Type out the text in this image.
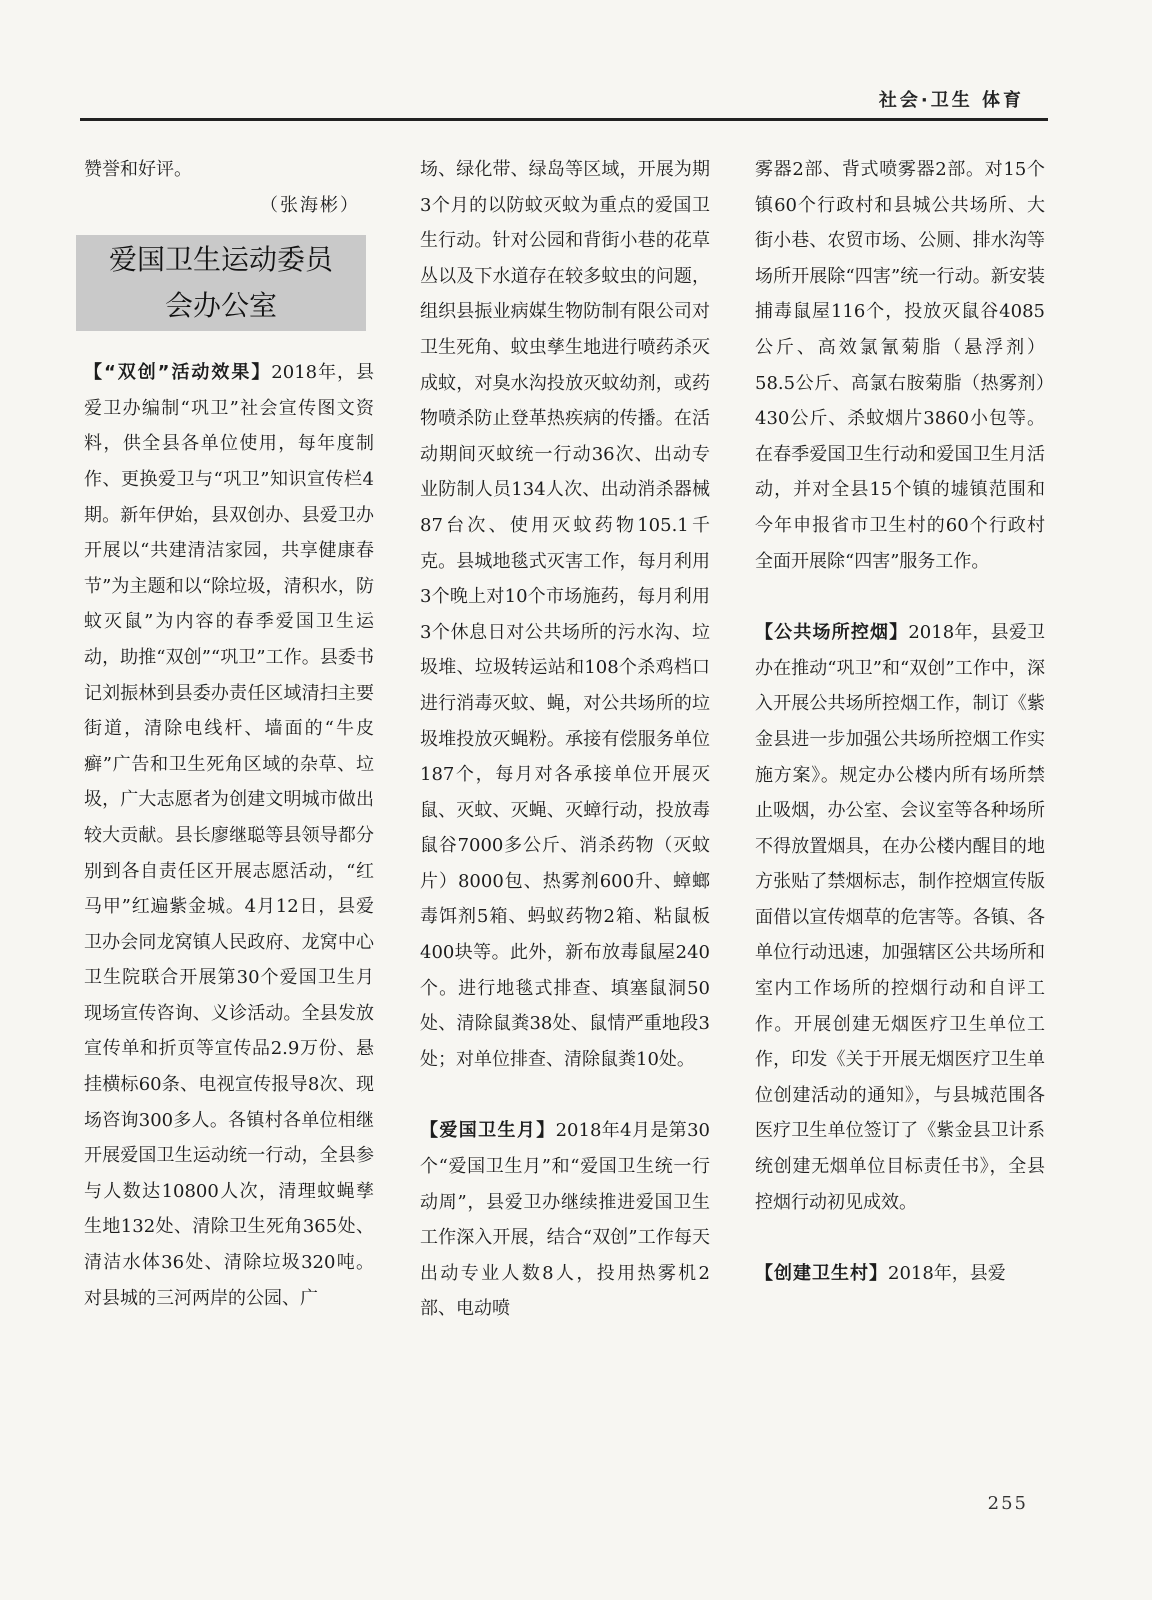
社会·卫生 体育

赞誉和好评。

（张海彬）

爱国卫生运动委员会办公室

【“双创”活动效果】2018年，县爱卫办编制“巩卫”社会宣传图文资料，供全县各单位使用，每年度制作、更换爱卫与“巩卫”知识宣传栏4期。新年伊始，县双创办、县爱卫办开展以“共建清洁家园，共享健康春节”为主题和以“除垃圾，清积水，防蚊灭鼠”为内容的春季爱国卫生运动，助推“双创”“巩卫”工作。县委书记刘振林到县委办责任区域清扫主要街道，清除电线杆、墙面的“牛皮癣”广告和卫生死角区域的杂草、垃圾，广大志愿者为创建文明城市做出较大贡献。县长廖继聪等县领导都分别到各自责任区开展志愿活动，“红马甲”红遍紫金城。4月12日，县爱卫办会同龙窝镇人民政府、龙窝中心卫生院联合开展第30个爱国卫生月现场宣传咨询、义诊活动。全县发放宣传单和折页等宣传品2.9万份、悬挂横标60条、电视宣传报导8次、现场咨询300多人。各镇村各单位相继开展爱国卫生运动统一行动，全县参与人数达10800人次，清理蚊蝇孳生地132处、清除卫生死角365处、清洁水体36处、清除垃圾320吨。对县城的三河两岸的公园、广

场、绿化带、绿岛等区域，开展为期3个月的以防蚊灭蚊为重点的爱国卫生行动。针对公园和背街小巷的花草丛以及下水道存在较多蚊虫的问题，组织县振业病媒生物防制有限公司对卫生死角、蚊虫孳生地进行喷药杀灭成蚊，对臭水沟投放灭蚊幼剂，或药物喷杀防止登革热疾病的传播。在活动期间灭蚊统一行动36次、出动专业防制人员134人次、出动消杀器械87台次、使用灭蚊药物105.1千克。县城地毯式灭害工作，每月利用3个晚上对10个市场施药，每月利用3个休息日对公共场所的污水沟、垃圾堆、垃圾转运站和108个杀鸡档口进行消毒灭蚊、蝇，对公共场所的垃圾堆投放灭蝇粉。承接有偿服务单位187个，每月对各承接单位开展灭鼠、灭蚊、灭蝇、灭蟑行动，投放毒鼠谷7000多公斤、消杀药物（灭蚊片）8000包、热雾剂600升、蟑螂毒饵剂5箱、蚂蚁药物2箱、粘鼠板400块等。此外，新布放毒鼠屋240个。进行地毯式排查、填塞鼠洞50处、清除鼠粪38处、鼠情严重地段3处；对单位排查、清除鼠粪10处。

【爱国卫生月】2018年4月是第30个“爱国卫生月”和“爱国卫生统一行动周”，县爱卫办继续推进爱国卫生工作深入开展，结合“双创”工作每天出动专业人数8人，投用热雾机2部、电动喷

雾器2部、背式喷雾器2部。对15个镇60个行政村和县城公共场所、大街小巷、农贸市场、公厕、排水沟等场所开展除“四害”统一行动。新安装捕毒鼠屋116个，投放灭鼠谷4085公斤、高效氯氰菊脂（悬浮剂）58.5公斤、高氯右胺菊脂（热雾剂）430公斤、杀蚊烟片3860小包等。在春季爱国卫生行动和爱国卫生月活动，并对全县15个镇的墟镇范围和今年申报省市卫生村的60个行政村全面开展除“四害”服务工作。

【公共场所控烟】2018年，县爱卫办在推动“巩卫”和“双创”工作中，深入开展公共场所控烟工作，制订《紫金县进一步加强公共场所控烟工作实施方案》。规定办公楼内所有场所禁止吸烟，办公室、会议室等各种场所不得放置烟具，在办公楼内醒目的地方张贴了禁烟标志，制作控烟宣传版面借以宣传烟草的危害等。各镇、各单位行动迅速，加强辖区公共场所和室内工作场所的控烟行动和自评工作。开展创建无烟医疗卫生单位工作，印发《关于开展无烟医疗卫生单位创建活动的通知》，与县城范围各医疗卫生单位签订了《紫金县卫计系统创建无烟单位目标责任书》，全县控烟行动初见成效。

【创建卫生村】2018年，县爱

255
